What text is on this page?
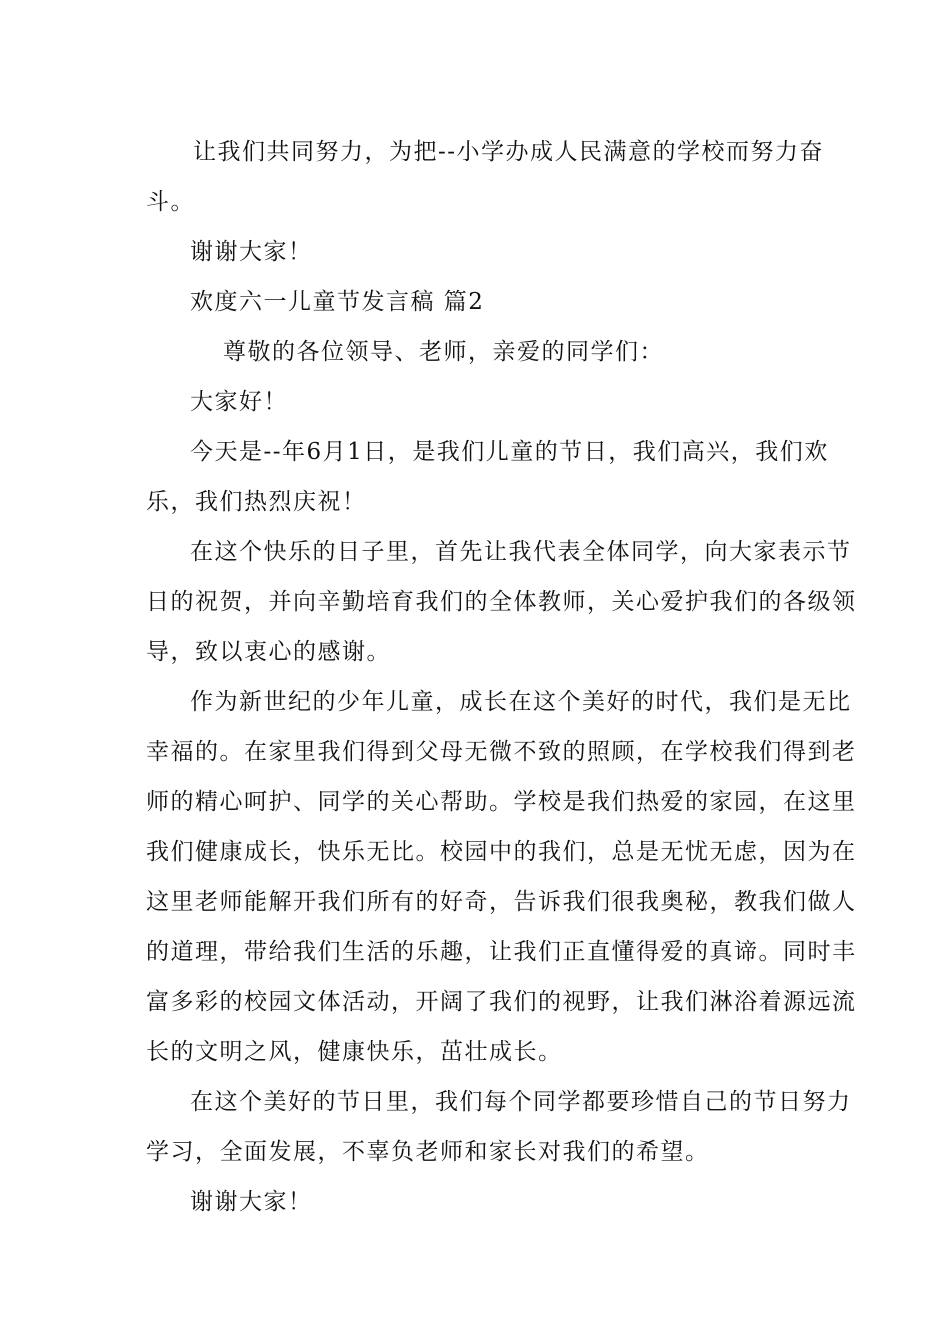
让我们共同努力，为把--小学办成人民满意的学校而努力奋
斗。
谢谢大家！
欢度六一儿童节发言稿 篇2
尊敬的各位领导、老师，亲爱的同学们：
大家好！
今天是--年6月1日，是我们儿童的节日，我们高兴，我们欢
乐，我们热烈庆祝！
在这个快乐的日子里，首先让我代表全体同学，向大家表示节
日的祝贺，并向辛勤培育我们的全体教师，关心爱护我们的各级领
导，致以衷心的感谢。
作为新世纪的少年儿童，成长在这个美好的时代，我们是无比
幸福的。在家里我们得到父母无微不致的照顾，在学校我们得到老
师的精心呵护、同学的关心帮助。学校是我们热爱的家园，在这里
我们健康成长，快乐无比。校园中的我们，总是无忧无虑，因为在
这里老师能解开我们所有的好奇，告诉我们很我奥秘，教我们做人
的道理，带给我们生活的乐趣，让我们正直懂得爱的真谛。同时丰
富多彩的校园文体活动，开阔了我们的视野，让我们淋浴着源远流
长的文明之风，健康快乐，茁壮成长。
在这个美好的节日里，我们每个同学都要珍惜自己的节日努力
学习，全面发展，不辜负老师和家长对我们的希望。
谢谢大家！
